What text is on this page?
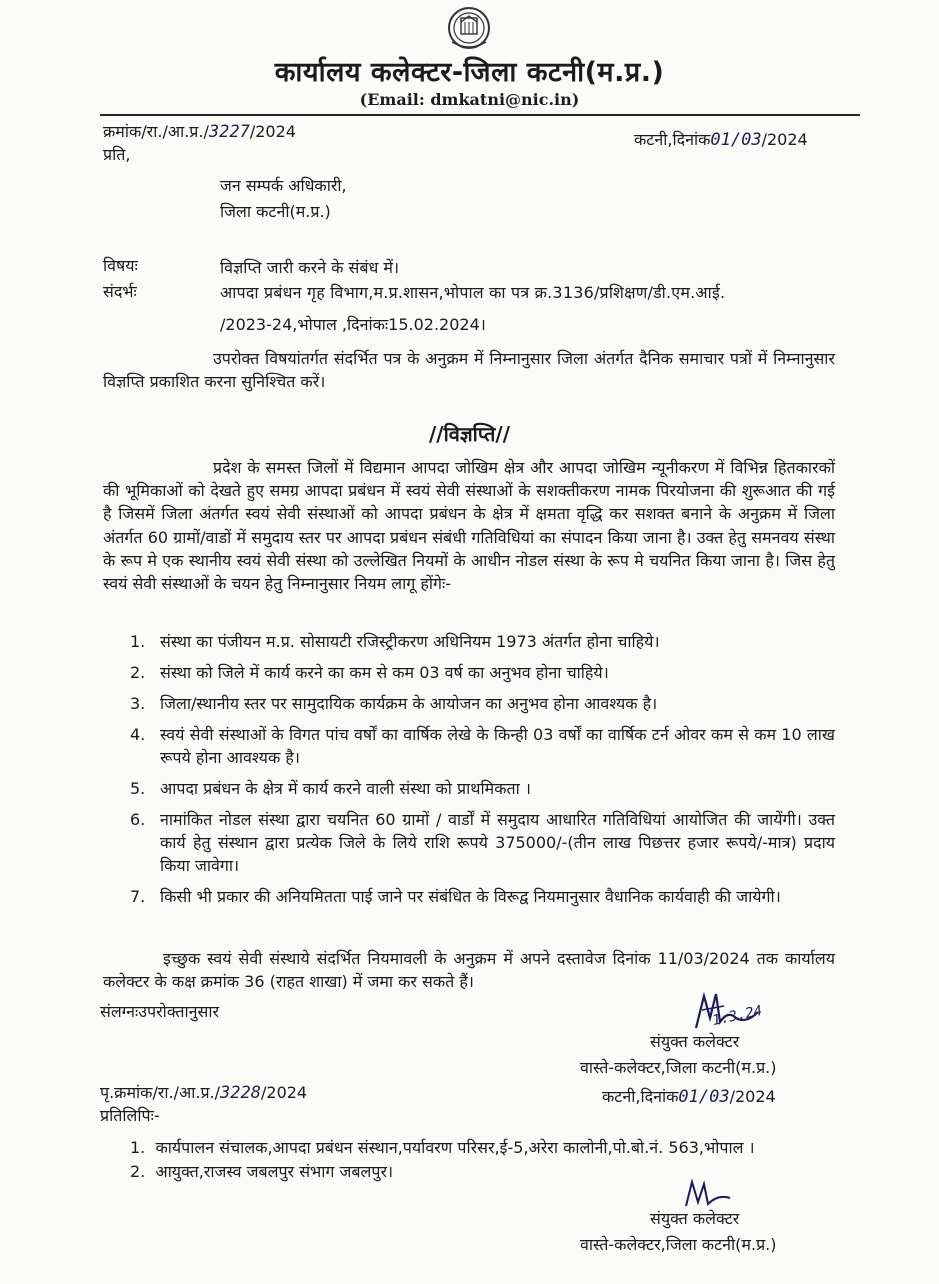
कार्यालय कलेक्टर-जिला कटनी(म.प्र.)
(Email: dmkatni@nic.in)
क्रमांक/रा./आ.प्र./3227/2024	कटनी,दिनांक01/03/2024
प्रति,
जन सम्पर्क अधिकारी,
जिला कटनी(म.प्र.)
विषयः	विज्ञप्ति जारी करने के संबंध में।
संदर्भः	आपदा प्रबंधन गृह विभाग,म.प्र.शासन,भोपाल का पत्र क्र.3136/प्रशिक्षण/डी.एम.आई.
/2023-24,भोपाल ,दिनांकः15.02.2024।

उपरोक्त विषयांतर्गत संदर्भित पत्र के अनुक्रम में निम्नानुसार जिला अंतर्गत दैनिक समाचार पत्रों में निम्नानुसार विज्ञप्ति प्रकाशित करना सुनिश्चित करें।

//विज्ञप्ति//

प्रदेश के समस्त जिलों में विद्यमान आपदा जोखिम क्षेत्र और आपदा जोखिम न्यूनीकरण में विभिन्न हितकारकों की भूमिकाओं को देखते हुए समग्र आपदा प्रबंधन में स्वयं सेवी संस्थाओं के सशक्तीकरण नामक पिरयोजना की शुरूआत की गई है जिसमें जिला अंतर्गत स्वयं सेवी संस्थाओं को आपदा प्रबंधन के क्षेत्र में क्षमता वृद्धि कर सशक्त बनाने के अनुक्रम में जिला अंतर्गत 60 ग्रामों/वाडों में समुदाय स्तर पर आपदा प्रबंधन संबंधी गतिविधियां का संपादन किया जाना है। उक्त हेतु समनवय संस्था के रूप मे एक स्थानीय स्वयं सेवी संस्था को उल्लेखित नियमों के आधीन नोडल संस्था के रूप मे चयनित किया जाना है। जिस हेतु स्वयं सेवी संस्थाओं के चयन हेतु निम्नानुसार नियम लागू होंगेः-

1. संस्था का पंजीयन म.प्र. सोसायटी रजिस्ट्रीकरण अधिनियम 1973 अंतर्गत होना चाहिये।
2. संस्था को जिले में कार्य करने का कम से कम 03 वर्ष का अनुभव होना चाहिये।
3. जिला/स्थानीय स्तर पर सामुदायिक कार्यक्रम के आयोजन का अनुभव होना आवश्यक है।
4. स्वयं सेवी संस्थाओं के विगत पांच वर्षों का वार्षिक लेखे के किन्ही 03 वर्षों का वार्षिक टर्न ओवर कम से कम 10 लाख रूपये होना आवश्यक है।
5. आपदा प्रबंधन के क्षेत्र में कार्य करने वाली संस्था को प्राथमिकता ।
6. नामांकित नोडल संस्था द्वारा चयनित 60 ग्रामों / वार्डों में समुदाय आधारित गतिविधियां आयोजित की जायेंगी। उक्त कार्य हेतु संस्थान द्वारा प्रत्येक जिले के लिये राशि रूपये 375000/-(तीन लाख पिछत्तर हजार रूपये/-मात्र) प्रदाय किया जावेगा।
7. किसी भी प्रकार की अनियमितता पाई जाने पर संबंधित के विरूद्व नियमानुसार वैधानिक कार्यवाही की जायेगी।

इच्छुक स्वयं सेवी संस्थाये संदर्भित नियमावली के अनुक्रम में अपने दस्तावेज दिनांक 11/03/2024 तक कार्यालय कलेक्टर के कक्ष क्रमांक 36 (राहत शाखा) में जमा कर सकते हैं।

संलग्नःउपरोक्तानुसार	1.3.24
संयुक्त कलेक्टर
वास्ते-कलेक्टर,जिला कटनी(म.प्र.)
पृ.क्रमांक/रा./आ.प्र./3228/2024	कटनी,दिनांक01/03/2024
प्रतिलिपिः-
1. कार्यपालन संचालक,आपदा प्रबंधन संस्थान,पर्यावरण परिसर,ई-5,अरेरा कालोनी,पो.बो.नं. 563,भोपाल ।
2. आयुक्त,राजस्व जबलपुर संभाग जबलपुर।
संयुक्त कलेक्टर
वास्ते-कलेक्टर,जिला कटनी(म.प्र.)
